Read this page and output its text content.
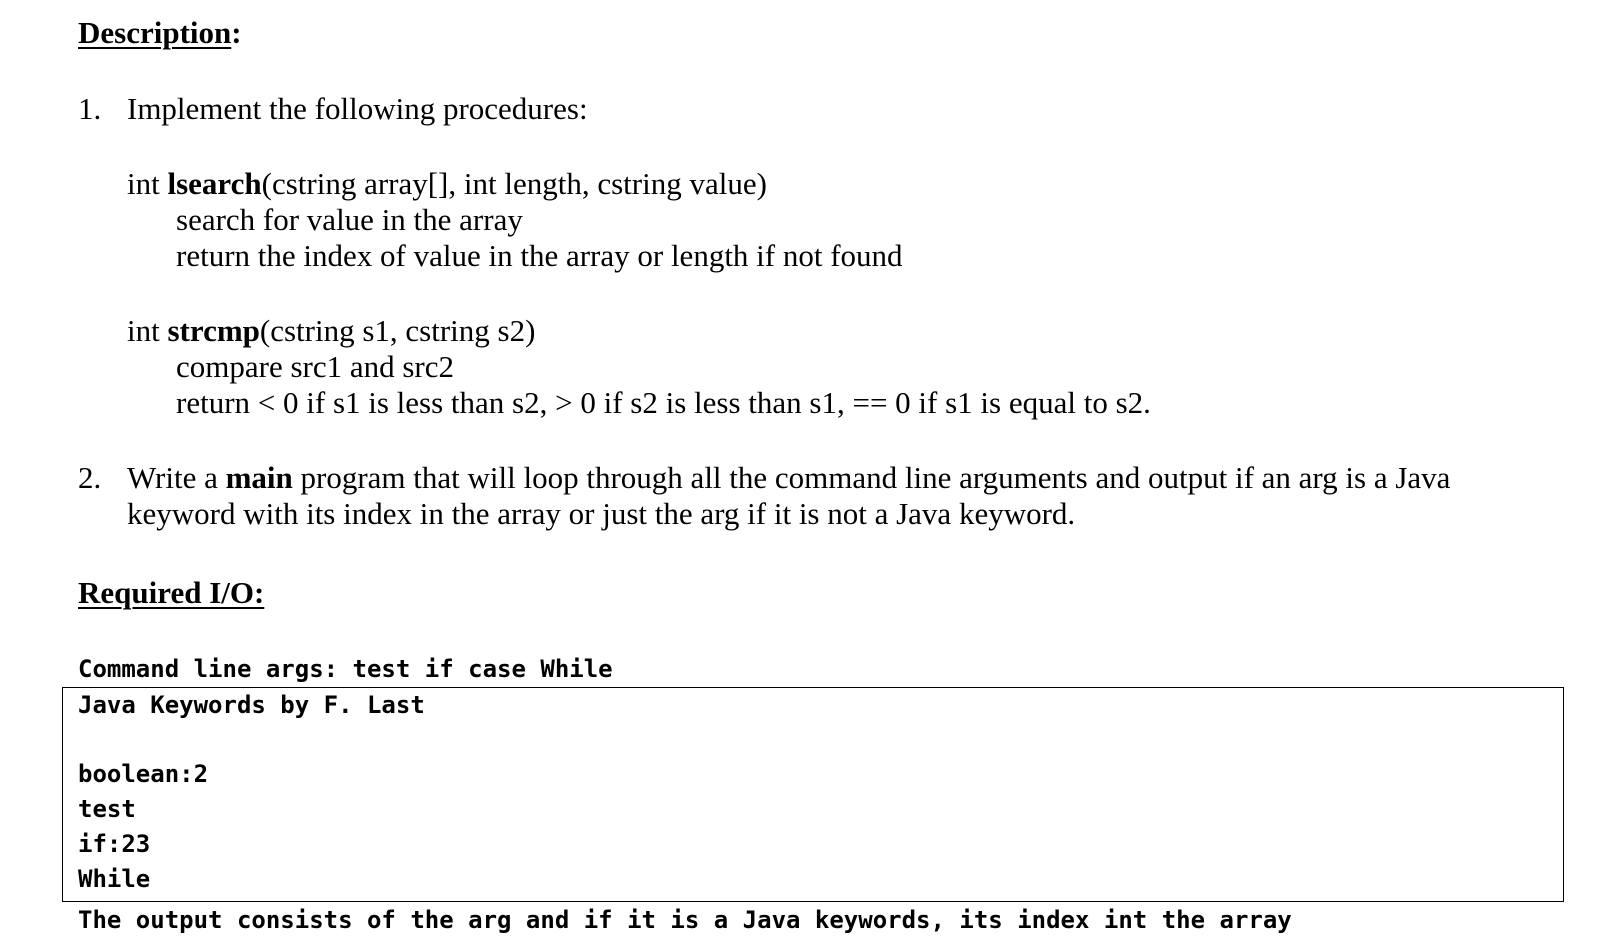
Description:
1. Implement the following procedures:
int lsearch(cstring array[], int length, cstring value)
search for value in the array
return the index of value in the array or length if not found
int strcmp(cstring s1, cstring s2)
compare src1 and src2
return < 0 if s1 is less than s2, > 0 if s2 is less than s1, == 0 if s1 is equal to s2.
2. Write a main program that will loop through all the command line arguments and output if an arg is a Java
keyword with its index in the array or just the arg if it is not a Java keyword.
Required I/O:
Command line args: test if case While
Java Keywords by F. Last
boolean:2
test
if:23
While
The output consists of the arg and if it is a Java keywords, its index int the array
